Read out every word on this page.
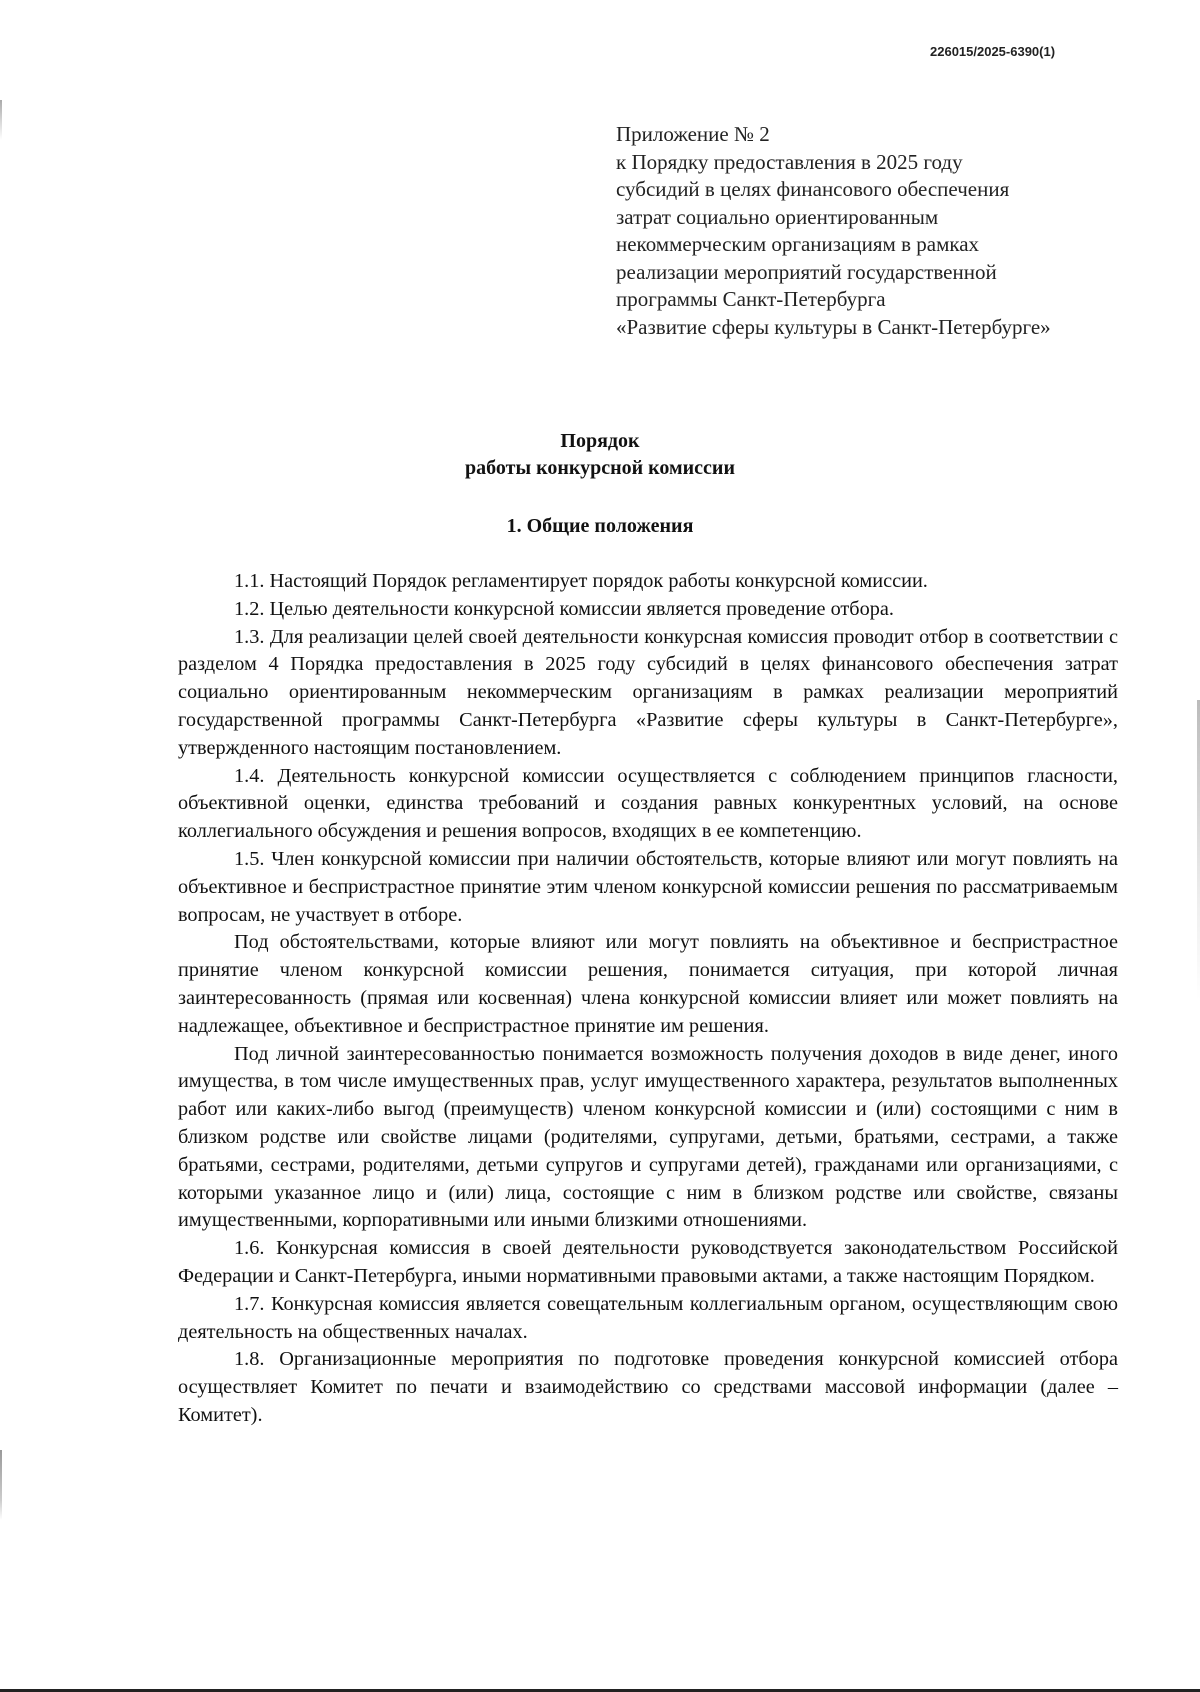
226015/2025-6390(1)
Приложение № 2
к Порядку предоставления в 2025 году
субсидий в целях финансового обеспечения
затрат социально ориентированным
некоммерческим организациям в рамках
реализации мероприятий государственной
программы Санкт-Петербурга
«Развитие сферы культуры в Санкт-Петербурге»
Порядок
работы конкурсной комиссии
1. Общие положения

1.1. Настоящий Порядок регламентирует порядок работы конкурсной комиссии.

1.2. Целью деятельности конкурсной комиссии является проведение отбора.

1.3. Для реализации целей своей деятельности конкурсная комиссия проводит отбор в соответствии с разделом 4 Порядка предоставления в 2025 году субсидий в целях финансового обеспечения затрат социально ориентированным некоммерческим организациям в рамках реализации мероприятий государственной программы Санкт-Петербурга «Развитие сферы культуры в Санкт-Петербурге», утвержденного настоящим постановлением.

1.4. Деятельность конкурсной комиссии осуществляется с соблюдением принципов гласности, объективной оценки, единства требований и создания равных конкурентных условий, на основе коллегиального обсуждения и решения вопросов, входящих в ее компетенцию.

1.5. Член конкурсной комиссии при наличии обстоятельств, которые влияют или могут повлиять на объективное и беспристрастное принятие этим членом конкурсной комиссии решения по рассматриваемым вопросам, не участвует в отборе.

Под обстоятельствами, которые влияют или могут повлиять на объективное и беспристрастное принятие членом конкурсной комиссии решения, понимается ситуация, при которой личная заинтересованность (прямая или косвенная) члена конкурсной комиссии влияет или может повлиять на надлежащее, объективное и беспристрастное принятие им решения.

Под личной заинтересованностью понимается возможность получения доходов в виде денег, иного имущества, в том числе имущественных прав, услуг имущественного характера, результатов выполненных работ или каких-либо выгод (преимуществ) членом конкурсной комиссии и (или) состоящими с ним в близком родстве или свойстве лицами (родителями, супругами, детьми, братьями, сестрами, а также братьями, сестрами, родителями, детьми супругов и супругами детей), гражданами или организациями, с которыми указанное лицо и (или) лица, состоящие с ним в близком родстве или свойстве, связаны имущественными, корпоративными или иными близкими отношениями.

1.6. Конкурсная комиссия в своей деятельности руководствуется законодательством Российской Федерации и Санкт-Петербурга, иными нормативными правовыми актами, а также настоящим Порядком.

1.7. Конкурсная комиссия является совещательным коллегиальным органом, осуществляющим свою деятельность на общественных началах.

1.8. Организационные мероприятия по подготовке проведения конкурсной комиссией отбора осуществляет Комитет по печати и взаимодействию со средствами массовой информации (далее – Комитет).
